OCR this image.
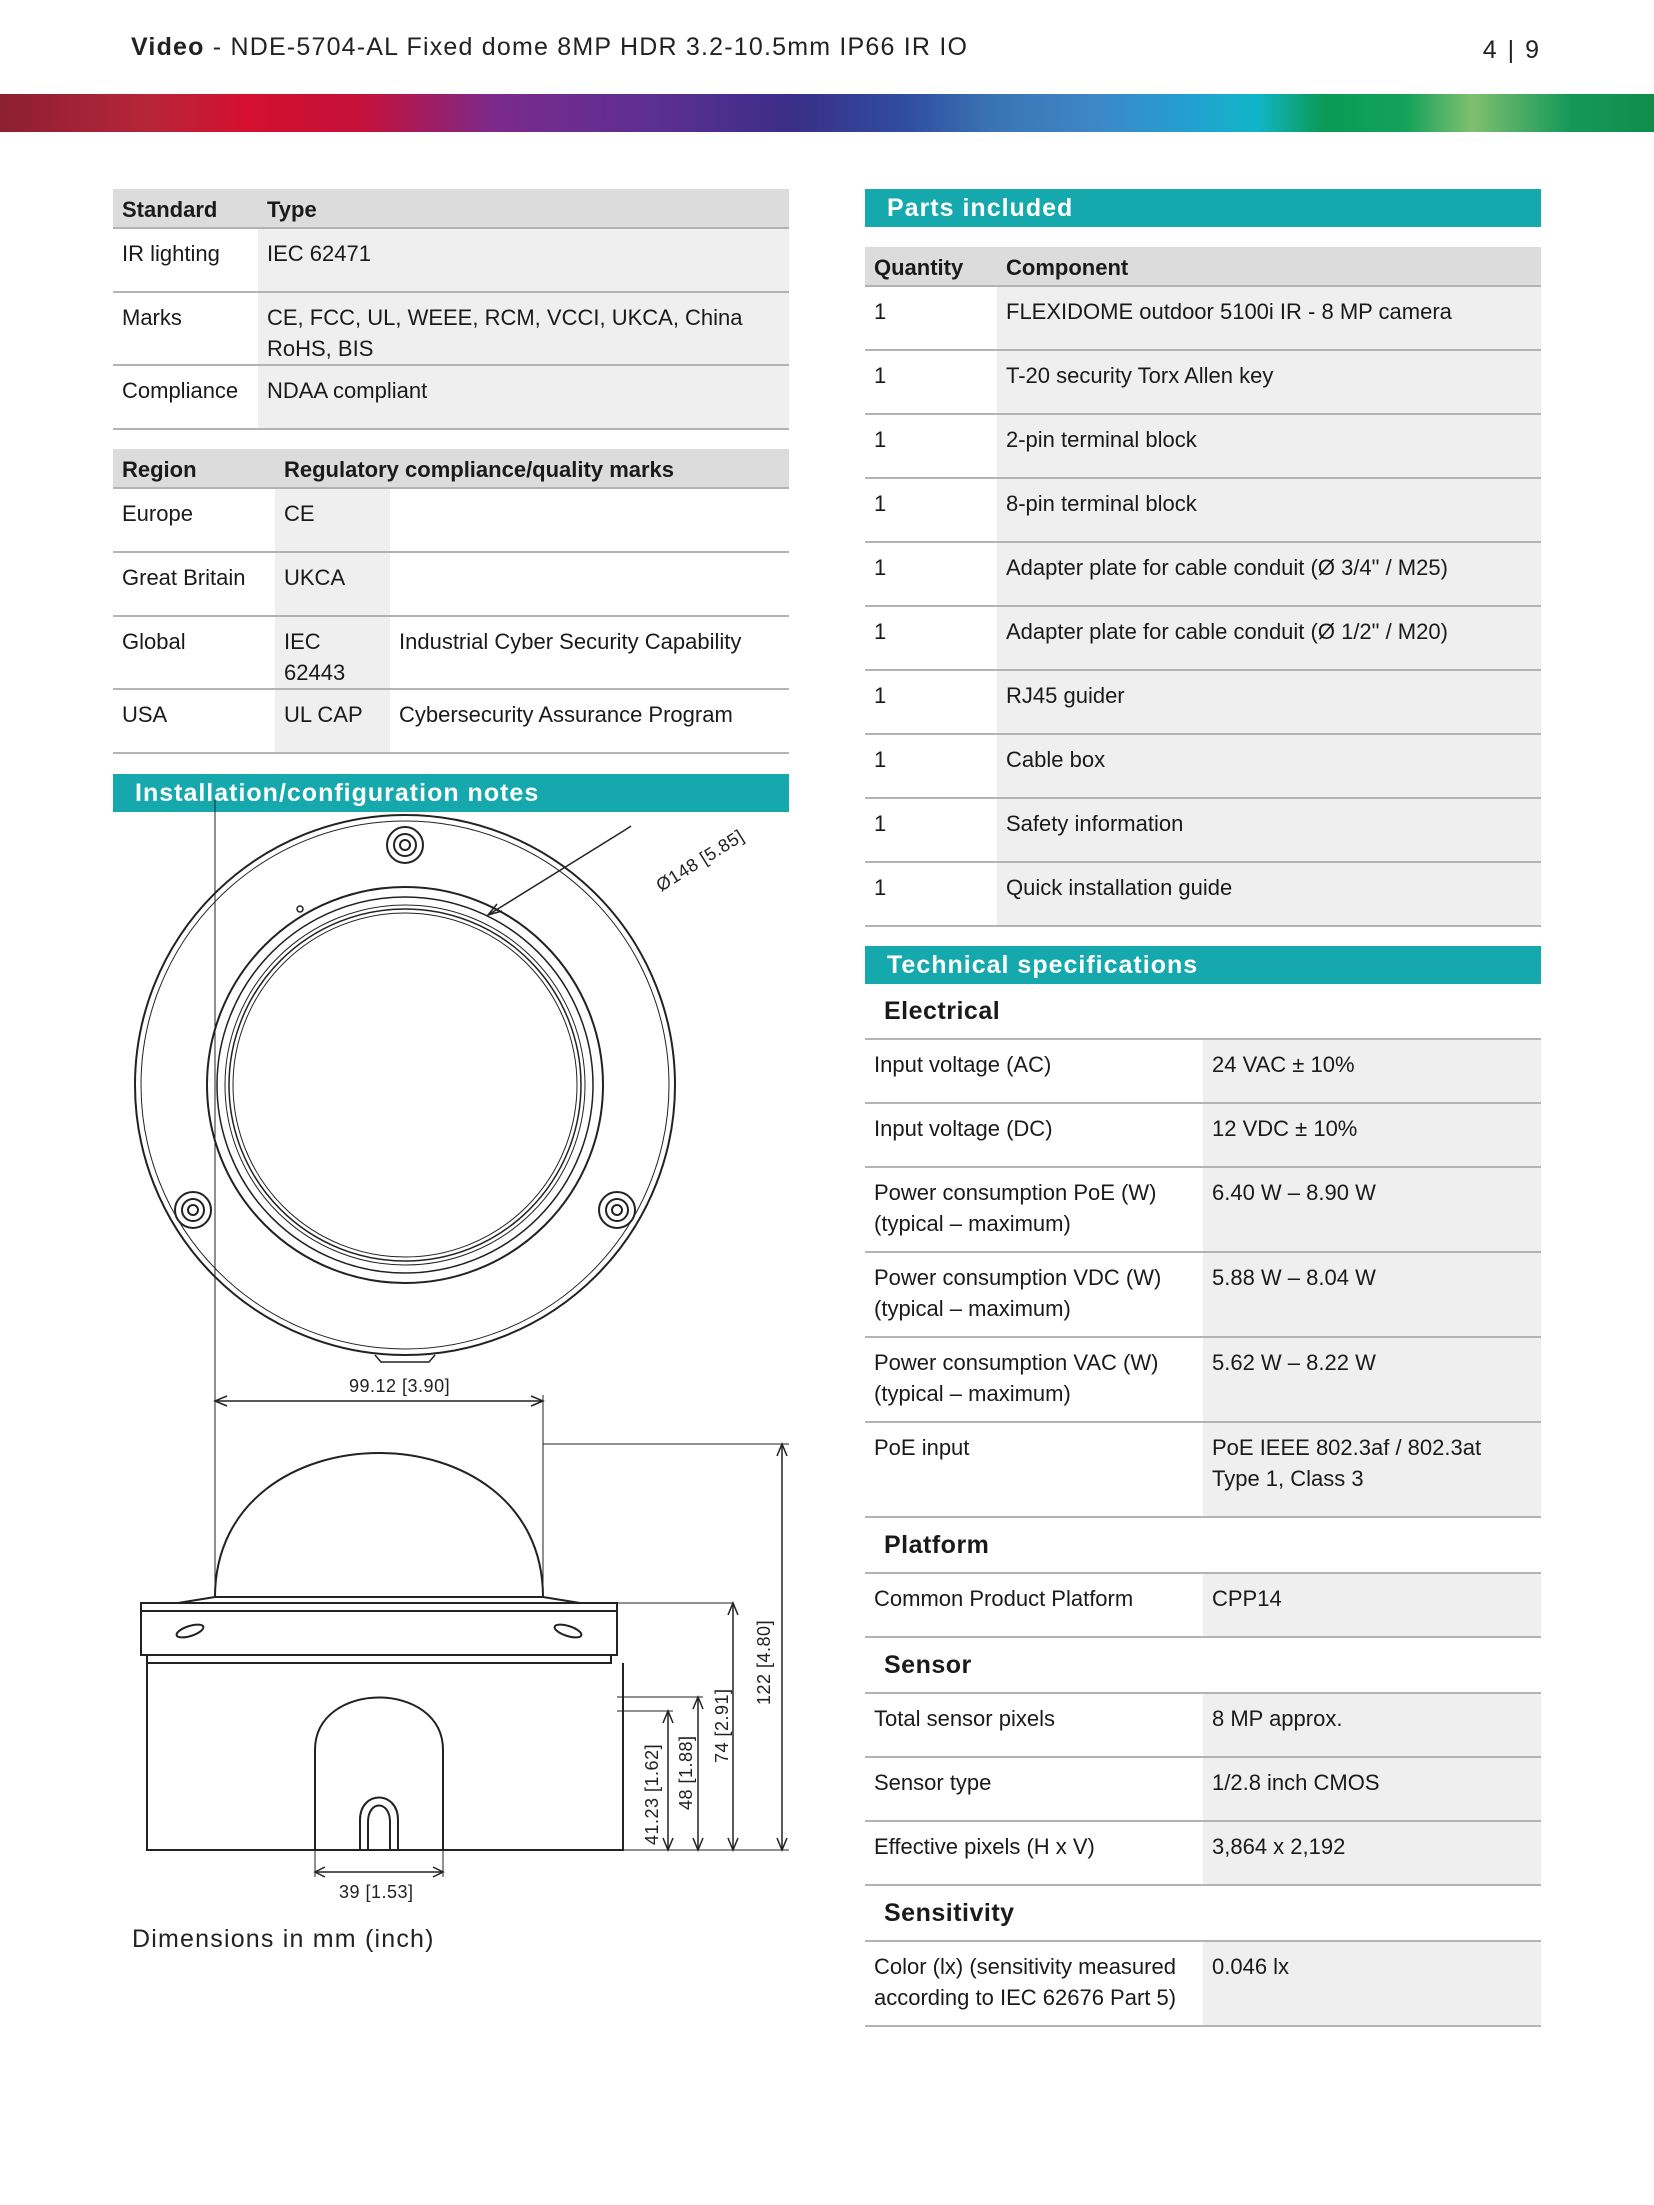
Video - NDE-5704-AL Fixed dome 8MP HDR 3.2-10.5mm IP66 IR IO	4 | 9
Standard	Type
IR lighting	IEC 62471
Marks	CE, FCC, UL, WEEE, RCM, VCCI, UKCA, China RoHS, BIS
Compliance	NDAA compliant
Region	Regulatory compliance/quality marks	
Europe	CE	
Great Britain	UKCA	
Global	IEC 62443	Industrial Cyber Security Capability
USA	UL CAP	Cybersecurity Assurance Program
Installation/configuration notes
Ø148 [5.85]
99.12 [3.90]
39 [1.53]
41.23 [1.62] 48 [1.88]
74 [2.91]
122 [4.80]
Dimensions in mm (inch)
Parts included
Quantity	Component
1	FLEXIDOME outdoor 5100i IR - 8 MP camera
1	T-20 security Torx Allen key
1	2-pin terminal block
1	8-pin terminal block
1	Adapter plate for cable conduit (Ø 3/4" / M25)
1	Adapter plate for cable conduit (Ø 1/2" / M20)
1	RJ45 guider
1	Cable box
1	Safety information
1	Quick installation guide
Technical specifications
Electrical
Input voltage (AC)	24 VAC ± 10%
Input voltage (DC)	12 VDC ± 10%
Power consumption PoE (W) (typical – maximum)	6.40 W – 8.90 W
Power consumption VDC (W) (typical – maximum)	5.88 W – 8.04 W
Power consumption VAC (W) (typical – maximum)	5.62 W – 8.22 W
PoE input	PoE IEEE 802.3af / 802.3at Type 1, Class 3
Platform
Common Product Platform	CPP14
Sensor
Total sensor pixels	8 MP approx.
Sensor type	1/2.8 inch CMOS
Effective pixels (H x V)	3,864 x 2,192
Sensitivity
Color (lx) (sensitivity measured according to IEC 62676 Part 5)	0.046 lx
